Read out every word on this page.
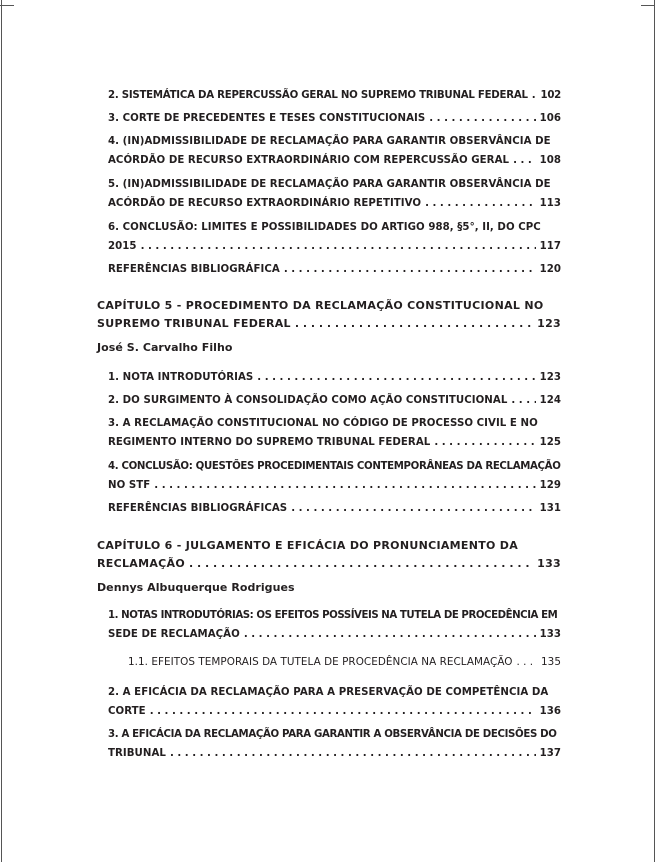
2. SISTEMÁTICA DA REPERCUSSÃO GERAL NO SUPREMO TRIBUNAL FEDERAL . . . 102
3. CORTE DE PRECEDENTES E TESES CONSTITUCIONAIS . . .	106
4. (IN)ADMISSIBILIDADE DE RECLAMAÇÃO PARA GARANTIR OBSERVÂNCIA DE
ACÓRDÃO DE RECURSO EXTRAORDINÁRIO COM REPERCUSSÃO GERAL . . .	108
5. (IN)ADMISSIBILIDADE DE RECLAMAÇÃO PARA GARANTIR OBSERVÂNCIA DE
ACÓRDÃO DE RECURSO EXTRAORDINÁRIO REPETITIVO . . .	113
6. CONCLUSÃO: LIMITES E POSSIBILIDADES DO ARTIGO 988, §5°, II, DO CPC
2015 . . .	117
REFERÊNCIAS BIBLIOGRÁFICA . . .	120
CAPÍTULO 5 - PROCEDIMENTO DA RECLAMAÇÃO CONSTITUCIONAL NO
SUPREMO TRIBUNAL FEDERAL . . .	123
José S. Carvalho Filho
1. NOTA INTRODUTÓRIAS . . .	123
2. DO SURGIMENTO À CONSOLIDAÇÃO COMO AÇÃO CONSTITUCIONAL . . .	124
3. A RECLAMAÇÃO CONSTITUCIONAL NO CÓDIGO DE PROCESSO CIVIL E NO
REGIMENTO INTERNO DO SUPREMO TRIBUNAL FEDERAL . . .	125
4. CONCLUSÃO: QUESTÕES PROCEDIMENTAIS CONTEMPORÂNEAS DA RECLAMAÇÃO
NO STF . . .	129
REFERÊNCIAS BIBLIOGRÁFICAS . . .	131
CAPÍTULO 6 - JULGAMENTO E EFICÁCIA DO PRONUNCIAMENTO DA
RECLAMAÇÃO . . .	133
Dennys Albuquerque Rodrigues
1. NOTAS INTRODUTÓRIAS: OS EFEITOS POSSÍVEIS NA TUTELA DE PROCEDÊNCIA EM
SEDE DE RECLAMAÇÃO . . .	133
1.1. EFEITOS TEMPORAIS DA TUTELA DE PROCEDÊNCIA NA RECLAMAÇÃO . . .	135
2. A EFICÁCIA DA RECLAMAÇÃO PARA A PRESERVAÇÃO DE COMPETÊNCIA DA
CORTE . . .	136
3. A EFICÁCIA DA RECLAMAÇÃO PARA GARANTIR A OBSERVÂNCIA DE DECISÕES DO
TRIBUNAL . . .	137
